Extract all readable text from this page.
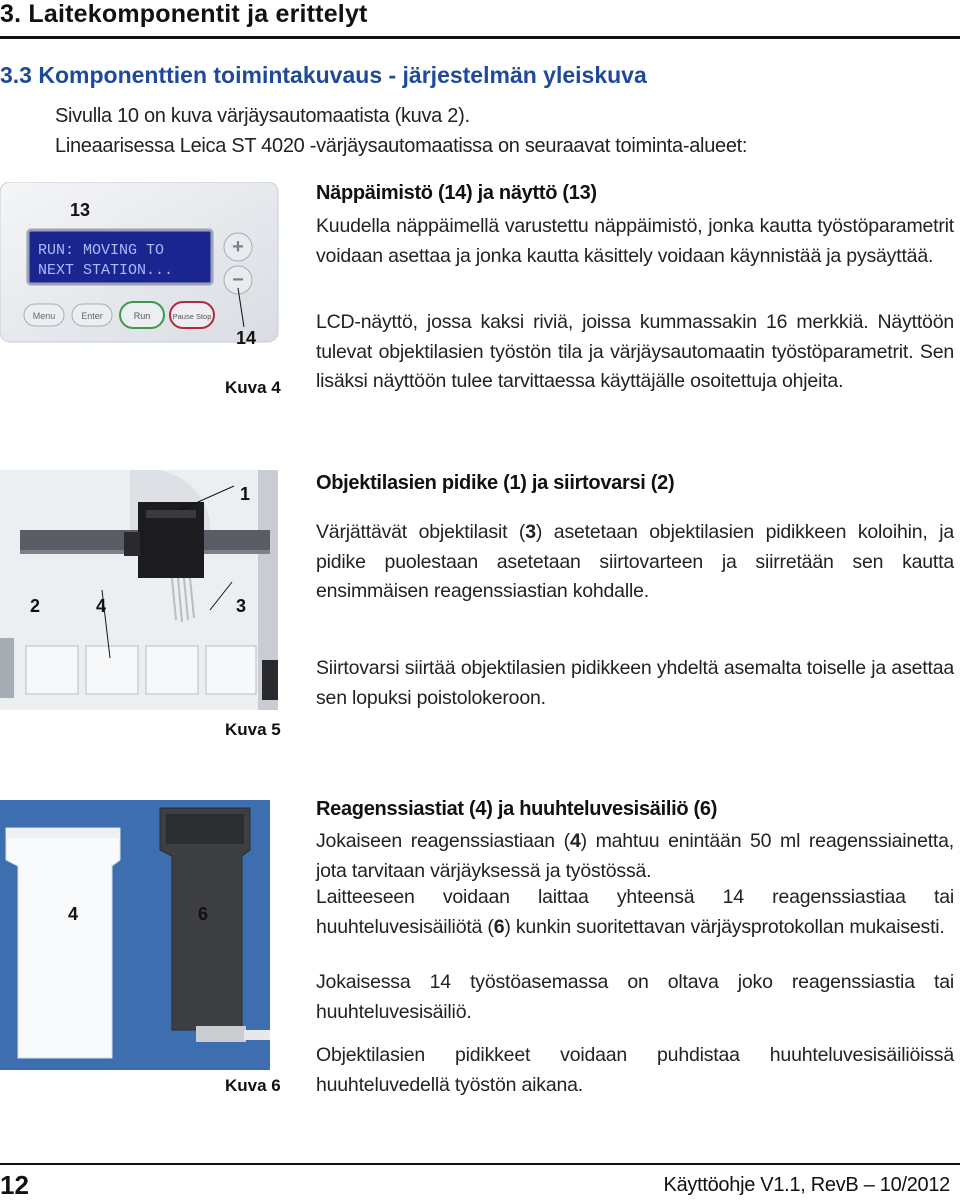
3. Laitekomponentit ja erittelyt
3.3 Komponenttien toimintakuvaus - järjestelmän yleiskuva
Sivulla 10 on kuva värjäysautomaatista (kuva 2).
Lineaarisessa Leica ST 4020 -värjäysautomaatissa on seuraavat toiminta-alueet:
RUN: MOVING TO
NEXT STATION...
+
−
Menu	Enter	Run	Pause Stop
13
14
Kuva 4
Näppäimistö (14) ja näyttö (13)
Kuudella näppäimellä varustettu näppäimistö, jonka kautta työstöparametrit voidaan asettaa ja jonka kautta käsittely voidaan käynnistää ja pysäyttää.
LCD-näyttö, jossa kaksi riviä, joissa kummassakin 16 merkkiä. Näyttöön tulevat objektilasien työstön tila ja värjäysautomaatin työstöparametrit. Sen lisäksi näyttöön tulee tarvittaessa käyttäjälle osoitettuja ohjeita.
1
2	4	3
Kuva 5
Objektilasien pidike (1) ja siirtovarsi (2)
Värjättävät objektilasit (3) asetetaan objektilasien pidikkeen koloihin, ja pidike puolestaan asetetaan siirtovarteen ja siirretään sen kautta ensimmäisen reagenssiastian kohdalle.
Siirtovarsi siirtää objektilasien pidikkeen yhdeltä asemalta toiselle ja asettaa sen lopuksi poistolokeroon.
4	6
Kuva 6
Reagenssiastiat (4) ja huuhteluvesisäiliö (6)
Jokaiseen reagenssiastiaan (4) mahtuu enintään 50 ml reagenssiainetta, jota tarvitaan värjäyksessä ja työstössä.
Laitteeseen voidaan laittaa yhteensä 14 reagenssiastiaa tai huuhteluvesisäiliötä (6) kunkin suoritettavan värjäysprotokollan mukaisesti.
Jokaisessa 14 työstöasemassa on oltava joko reagenssiastia tai huuhteluvesisäiliö.
Objektilasien pidikkeet voidaan puhdistaa huuhteluvesisäiliöissä huuhteluvedellä työstön aikana.
12	Käyttöohje V1.1, RevB – 10/2012
